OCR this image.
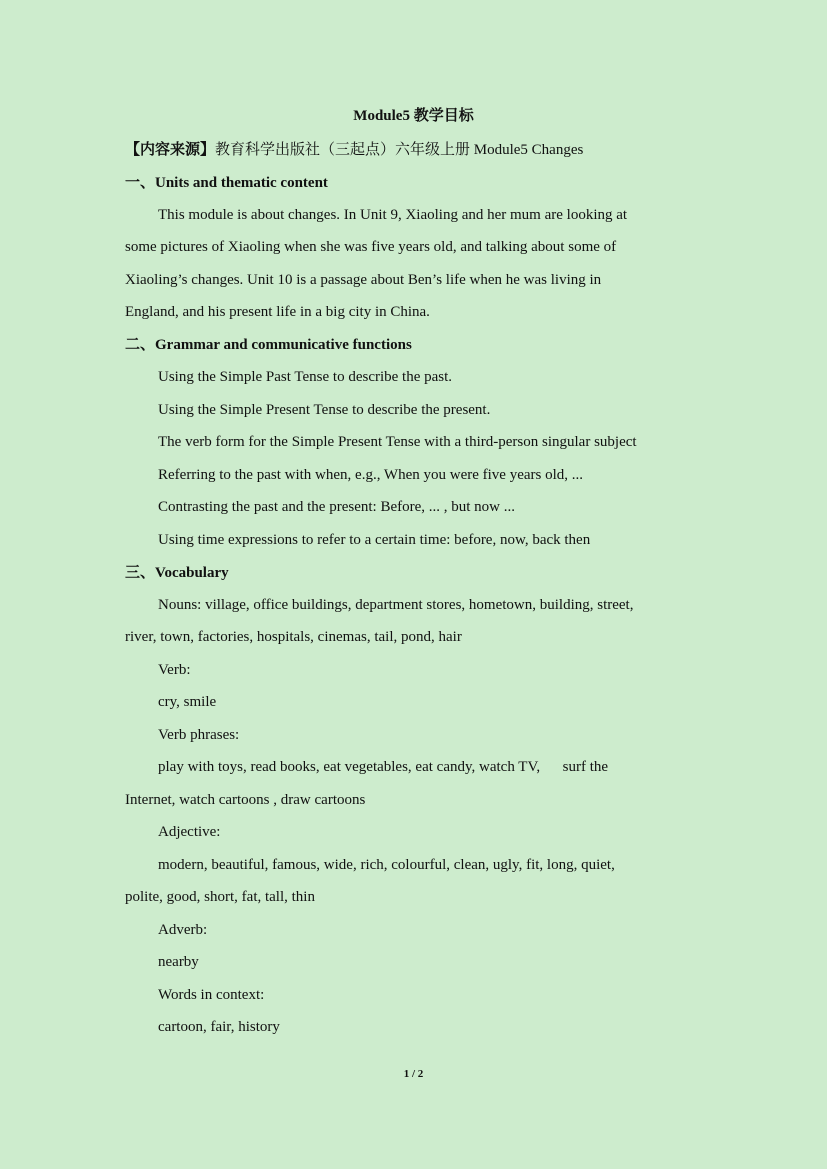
Module5 教学目标
【内容来源】教育科学出版社（三起点）六年级上册 Module5 Changes
一、Units and thematic content
This module is about changes. In Unit 9, Xiaoling and her mum are looking at
some pictures of Xiaoling when she was five years old, and talking about some of
Xiaoling’s changes. Unit 10 is a passage about Ben’s life when he was living in
England, and his present life in a big city in China.
二、Grammar and communicative functions
Using the Simple Past Tense to describe the past.
Using the Simple Present Tense to describe the present.
The verb form for the Simple Present Tense with a third-person singular subject
Referring to the past with when, e.g., When you were five years old, ...
Contrasting the past and the present: Before, ... , but now ...
Using time expressions to refer to a certain time: before, now, back then
三、Vocabulary
Nouns: village, office buildings, department stores, hometown, building, street,
river, town, factories, hospitals, cinemas, tail, pond, hair
Verb:
cry, smile
Verb phrases:
play with toys, read books, eat vegetables, eat candy, watch TV,      surf the
Internet, watch cartoons , draw cartoons
Adjective:
modern, beautiful, famous, wide, rich, colourful, clean, ugly, fit, long, quiet,
polite, good, short, fat, tall, thin
Adverb:
nearby
Words in context:
cartoon, fair, history
1 / 2
